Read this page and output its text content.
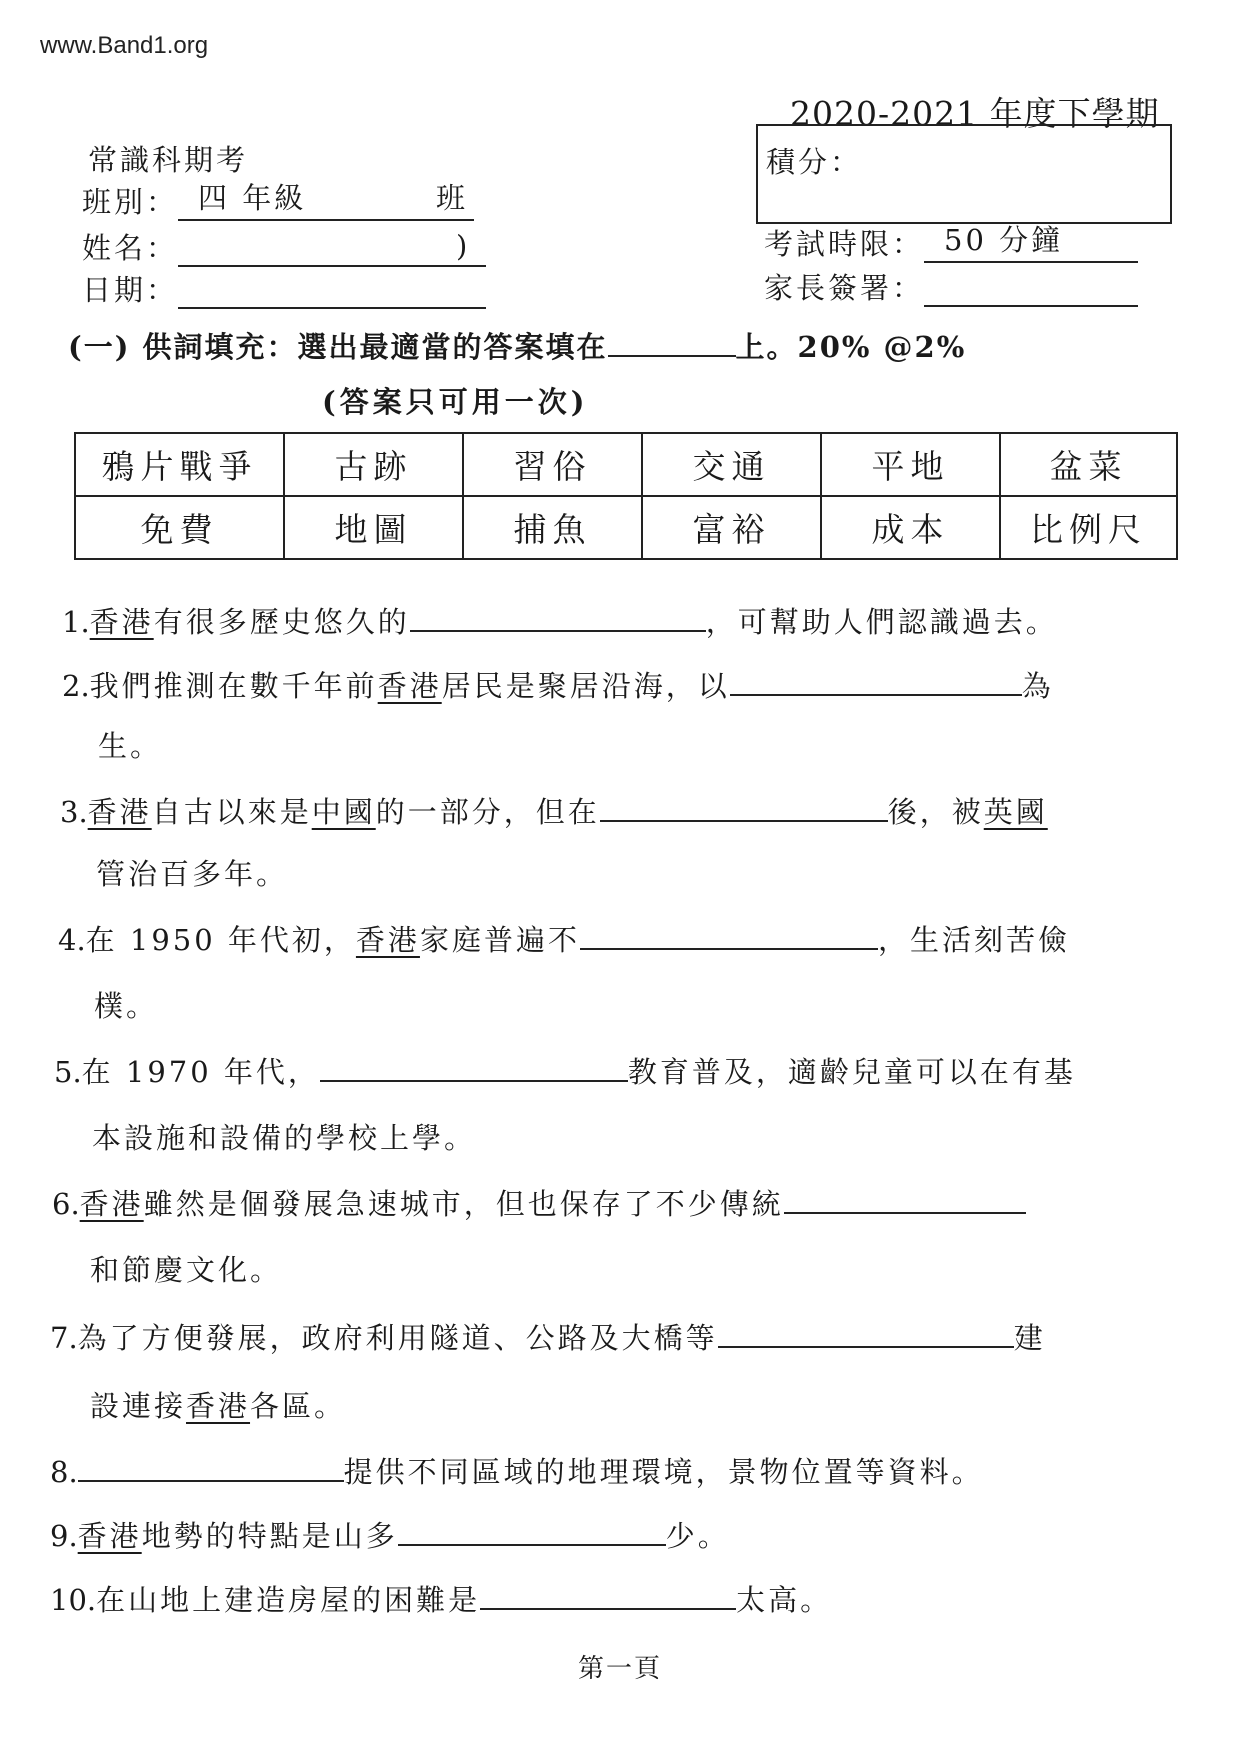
www.Band1.org
2020-2021 年度下學期
常識科期考
班別： 四 年級	班
姓名：	)
日期：
積分：
考試時限： 50 分鐘
家長簽署：
(一) 供詞填充：選出最適當的答案填在	上。20% @2%
(答案只可用一次)
鴉片戰爭	古跡	習俗	交通	平地	盆菜
免費	地圖	捕魚	富裕	成本	比例尺
1.香港有很多歷史悠久的	，可幫助人們認識過去。
2.我們推測在數千年前香港居民是聚居沿海，以	為
生。
3.香港自古以來是中國的一部分，但在	後，被英國
管治百多年。
4.在 1950 年代初，香港家庭普遍不	，生活刻苦儉
樸。
5.在 1970 年代，	教育普及，適齡兒童可以在有基
本設施和設備的學校上學。
6.香港雖然是個發展急速城市，但也保存了不少傳統
和節慶文化。
7.為了方便發展，政府利用隧道、公路及大橋等	建
設連接香港各區。
8.	提供不同區域的地理環境，景物位置等資料。
9.香港地勢的特點是山多	少。
10.在山地上建造房屋的困難是	太高。
第一頁
